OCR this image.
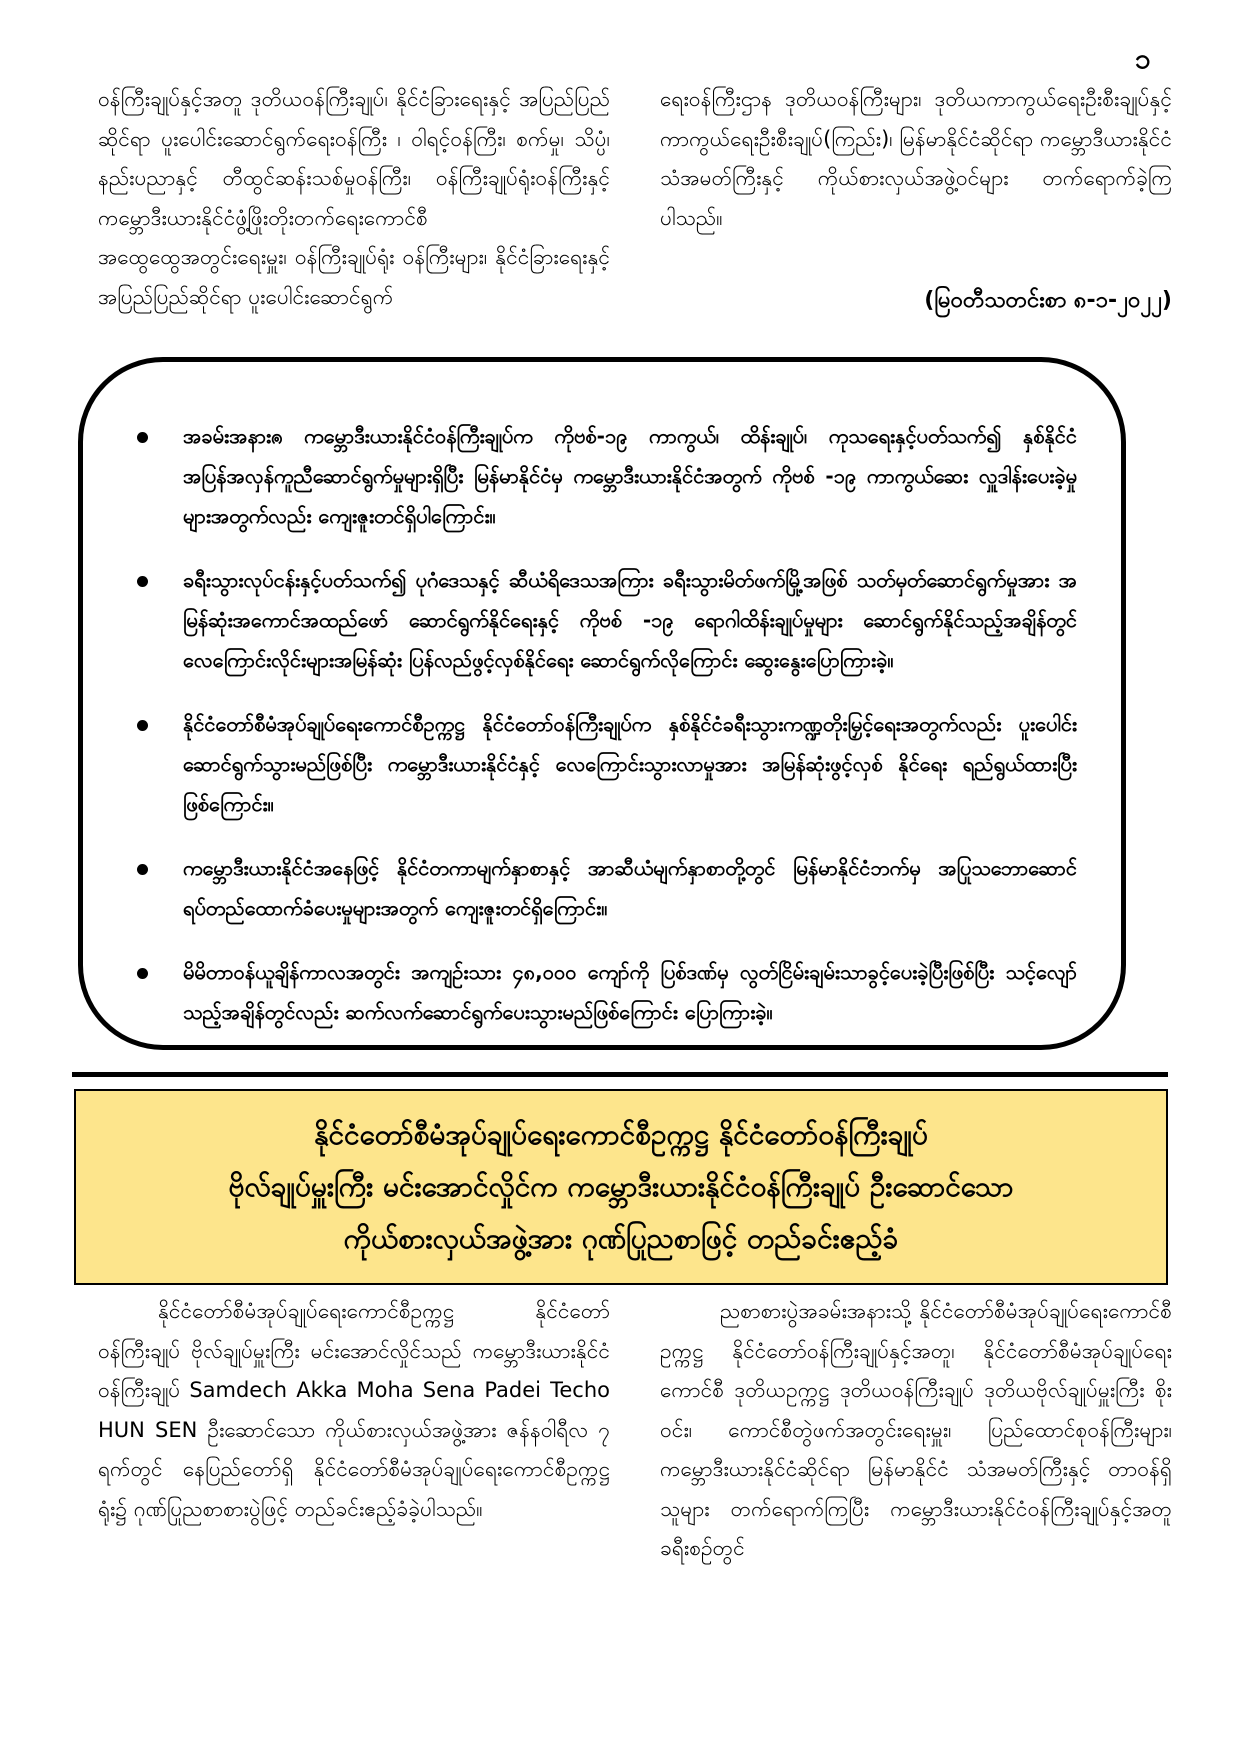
၁

ဝန်ကြီးချုပ်နှင့်အတူ ဒုတိယဝန်ကြီးချုပ်၊ နိုင်ငံခြားရေးနှင့် အပြည်ပြည်ဆိုင်ရာ ပူးပေါင်းဆောင်ရွက်ရေးဝန်ကြီး ၊ ဝါရင့်ဝန်ကြီး၊ စက်မှု၊ သိပ္ပံ၊ နည်းပညာနှင့် တီထွင်ဆန်းသစ်မှုဝန်ကြီး၊ ဝန်ကြီးချုပ်ရုံးဝန်ကြီးနှင့် ကမ္ဘောဒီးယားနိုင်ငံဖွံ့ဖြိုးတိုးတက်ရေးကောင်စီ အထွေထွေအတွင်းရေးမှူး၊ ဝန်ကြီးချုပ်ရုံး ဝန်ကြီးများ၊ နိုင်ငံခြားရေးနှင့် အပြည်ပြည်ဆိုင်ရာ ပူးပေါင်းဆောင်ရွက်

ရေးဝန်ကြီးဌာန ဒုတိယဝန်ကြီးများ၊ ဒုတိယကာကွယ်ရေးဦးစီးချုပ်နှင့် ကာကွယ်ရေးဦးစီးချုပ်(ကြည်း)၊ မြန်မာနိုင်ငံဆိုင်ရာ ကမ္ဘောဒီယားနိုင်ငံ သံအမတ်ကြီးနှင့် ကိုယ်စားလှယ်အဖွဲ့ဝင်များ တက်ရောက်ခဲ့ကြပါသည်။

(မြဝတီသတင်းစာ ၈-၁-၂၀၂၂)
အခမ်းအနားၐ ကမ္ဘောဒီးယားနိုင်ငံဝန်ကြီးချုပ်က ကိုဗစ်-၁၉ ကာကွယ်၊ ထိန်းချုပ်၊ ကုသရေးနှင့်ပတ်သက်၍ နှစ်နိုင်ငံအပြန်အလှန်ကူညီဆောင်ရွက်မှုများရှိပြီး မြန်မာနိုင်ငံမှ ကမ္ဘောဒီးယားနိုင်ငံအတွက် ကိုဗစ် -၁၉ ကာကွယ်ဆေး လှူဒါန်းပေးခဲ့မှုများအတွက်လည်း ကျေးဇူးတင်ရှိပါကြောင်း။
ခရီးသွားလုပ်ငန်းနှင့်ပတ်သက်၍ ပုဂံဒေသနှင့် ဆီယံရိဒေသအကြား ခရီးသွားမိတ်ဖက်မြို့အဖြစ် သတ်မှတ်ဆောင်ရွက်မှုအား အမြန်ဆုံးအကောင်အထည်ဖော် ဆောင်ရွက်နိုင်ရေးနှင့် ကိုဗစ် -၁၉ ရောဂါထိန်းချုပ်မှုများ ဆောင်ရွက်နိုင်သည့်အချိန်တွင် လေကြောင်းလိုင်းများအမြန်ဆုံး ပြန်လည်ဖွင့်လှစ်နိုင်ရေး ဆောင်ရွက်လိုကြောင်း ဆွေးနွေးပြောကြားခဲ့။
နိုင်ငံတော်စီမံအုပ်ချုပ်ရေးကောင်စီဥက္ကဋ္ဌ နိုင်ငံတော်ဝန်ကြီးချုပ်က နှစ်နိုင်ငံခရီးသွားကဏ္ဍတိုးမြှင့်ရေးအတွက်လည်း ပူးပေါင်းဆောင်ရွက်သွားမည်ဖြစ်ပြီး ကမ္ဘောဒီးယားနိုင်ငံနှင့် လေကြောင်းသွားလာမှုအား အမြန်ဆုံးဖွင့်လှစ် နိုင်ရေး ရည်ရွယ်ထားပြီးဖြစ်ကြောင်း။
ကမ္ဘောဒီးယားနိုင်ငံအနေဖြင့် နိုင်ငံတကာမျက်နှာစာနှင့် အာဆီယံမျက်နှာစာတို့တွင် မြန်မာနိုင်ငံဘက်မှ အပြုသဘောဆောင်ရပ်တည်ထောက်ခံပေးမှုများအတွက် ကျေးဇူးတင်ရှိကြောင်း။
မိမိတာဝန်ယူချိန်ကာလအတွင်း အကျဉ်းသား ၄၈,၀၀၀ ကျော်ကို ပြစ်ဒဏ်မှ လွတ်ငြိမ်းချမ်းသာခွင့်ပေးခဲ့ပြီးဖြစ်ပြီး သင့်လျော်သည့်အချိန်တွင်လည်း ဆက်လက်ဆောင်ရွက်ပေးသွားမည်ဖြစ်ကြောင်း ပြောကြားခဲ့။
နိုင်ငံတော်စီမံအုပ်ချုပ်ရေးကောင်စီဥက္ကဋ္ဌ နိုင်ငံတော်ဝန်ကြီးချုပ်
ဗိုလ်ချုပ်မှူးကြီး မင်းအောင်လှိုင်က ကမ္ဘောဒီးယားနိုင်ငံဝန်ကြီးချုပ် ဦးဆောင်သော
ကိုယ်စားလှယ်အဖွဲ့အား ဂုဏ်ပြုညစာဖြင့် တည်ခင်းဧည့်ခံ

နိုင်ငံတော်စီမံအုပ်ချုပ်ရေးကောင်စီဥက္ကဋ္ဌ နိုင်ငံတော်ဝန်ကြီးချုပ် ဗိုလ်ချုပ်မှူးကြီး မင်းအောင်လှိုင်သည် ကမ္ဘောဒီးယားနိုင်ငံဝန်ကြီးချုပ် Samdech Akka Moha Sena Padei Techo HUN SEN ဦးဆောင်သော ကိုယ်စားလှယ်အဖွဲ့အား ဇန်နဝါရီလ ၇ ရက်တွင် နေပြည်တော်ရှိ နိုင်ငံတော်စီမံအုပ်ချုပ်ရေးကောင်စီဥက္ကဋ္ဌရုံး၌ ဂုဏ်ပြုညစာစားပွဲဖြင့် တည်ခင်းဧည့်ခံခဲ့ပါသည်။

ညစာစားပွဲအခမ်းအနားသို့ နိုင်ငံတော်စီမံအုပ်ချုပ်ရေးကောင်စီဥက္ကဋ္ဌ နိုင်ငံတော်ဝန်ကြီးချုပ်နှင့်အတူ၊ နိုင်ငံတော်စီမံအုပ်ချုပ်ရေးကောင်စီ ဒုတိယဥက္ကဋ္ဌ ဒုတိယဝန်ကြီးချုပ် ဒုတိယဗိုလ်ချုပ်မှူးကြီး စိုးဝင်း၊ ကောင်စီတွဲဖက်အတွင်းရေးမှူး၊ ပြည်ထောင်စုဝန်ကြီးများ၊ ကမ္ဘောဒီးယားနိုင်ငံဆိုင်ရာ မြန်မာနိုင်ငံ သံအမတ်ကြီးနှင့် တာဝန်ရှိသူများ တက်ရောက်ကြပြီး ကမ္ဘောဒီးယားနိုင်ငံဝန်ကြီးချုပ်နှင့်အတူ ခရီးစဉ်တွင်
